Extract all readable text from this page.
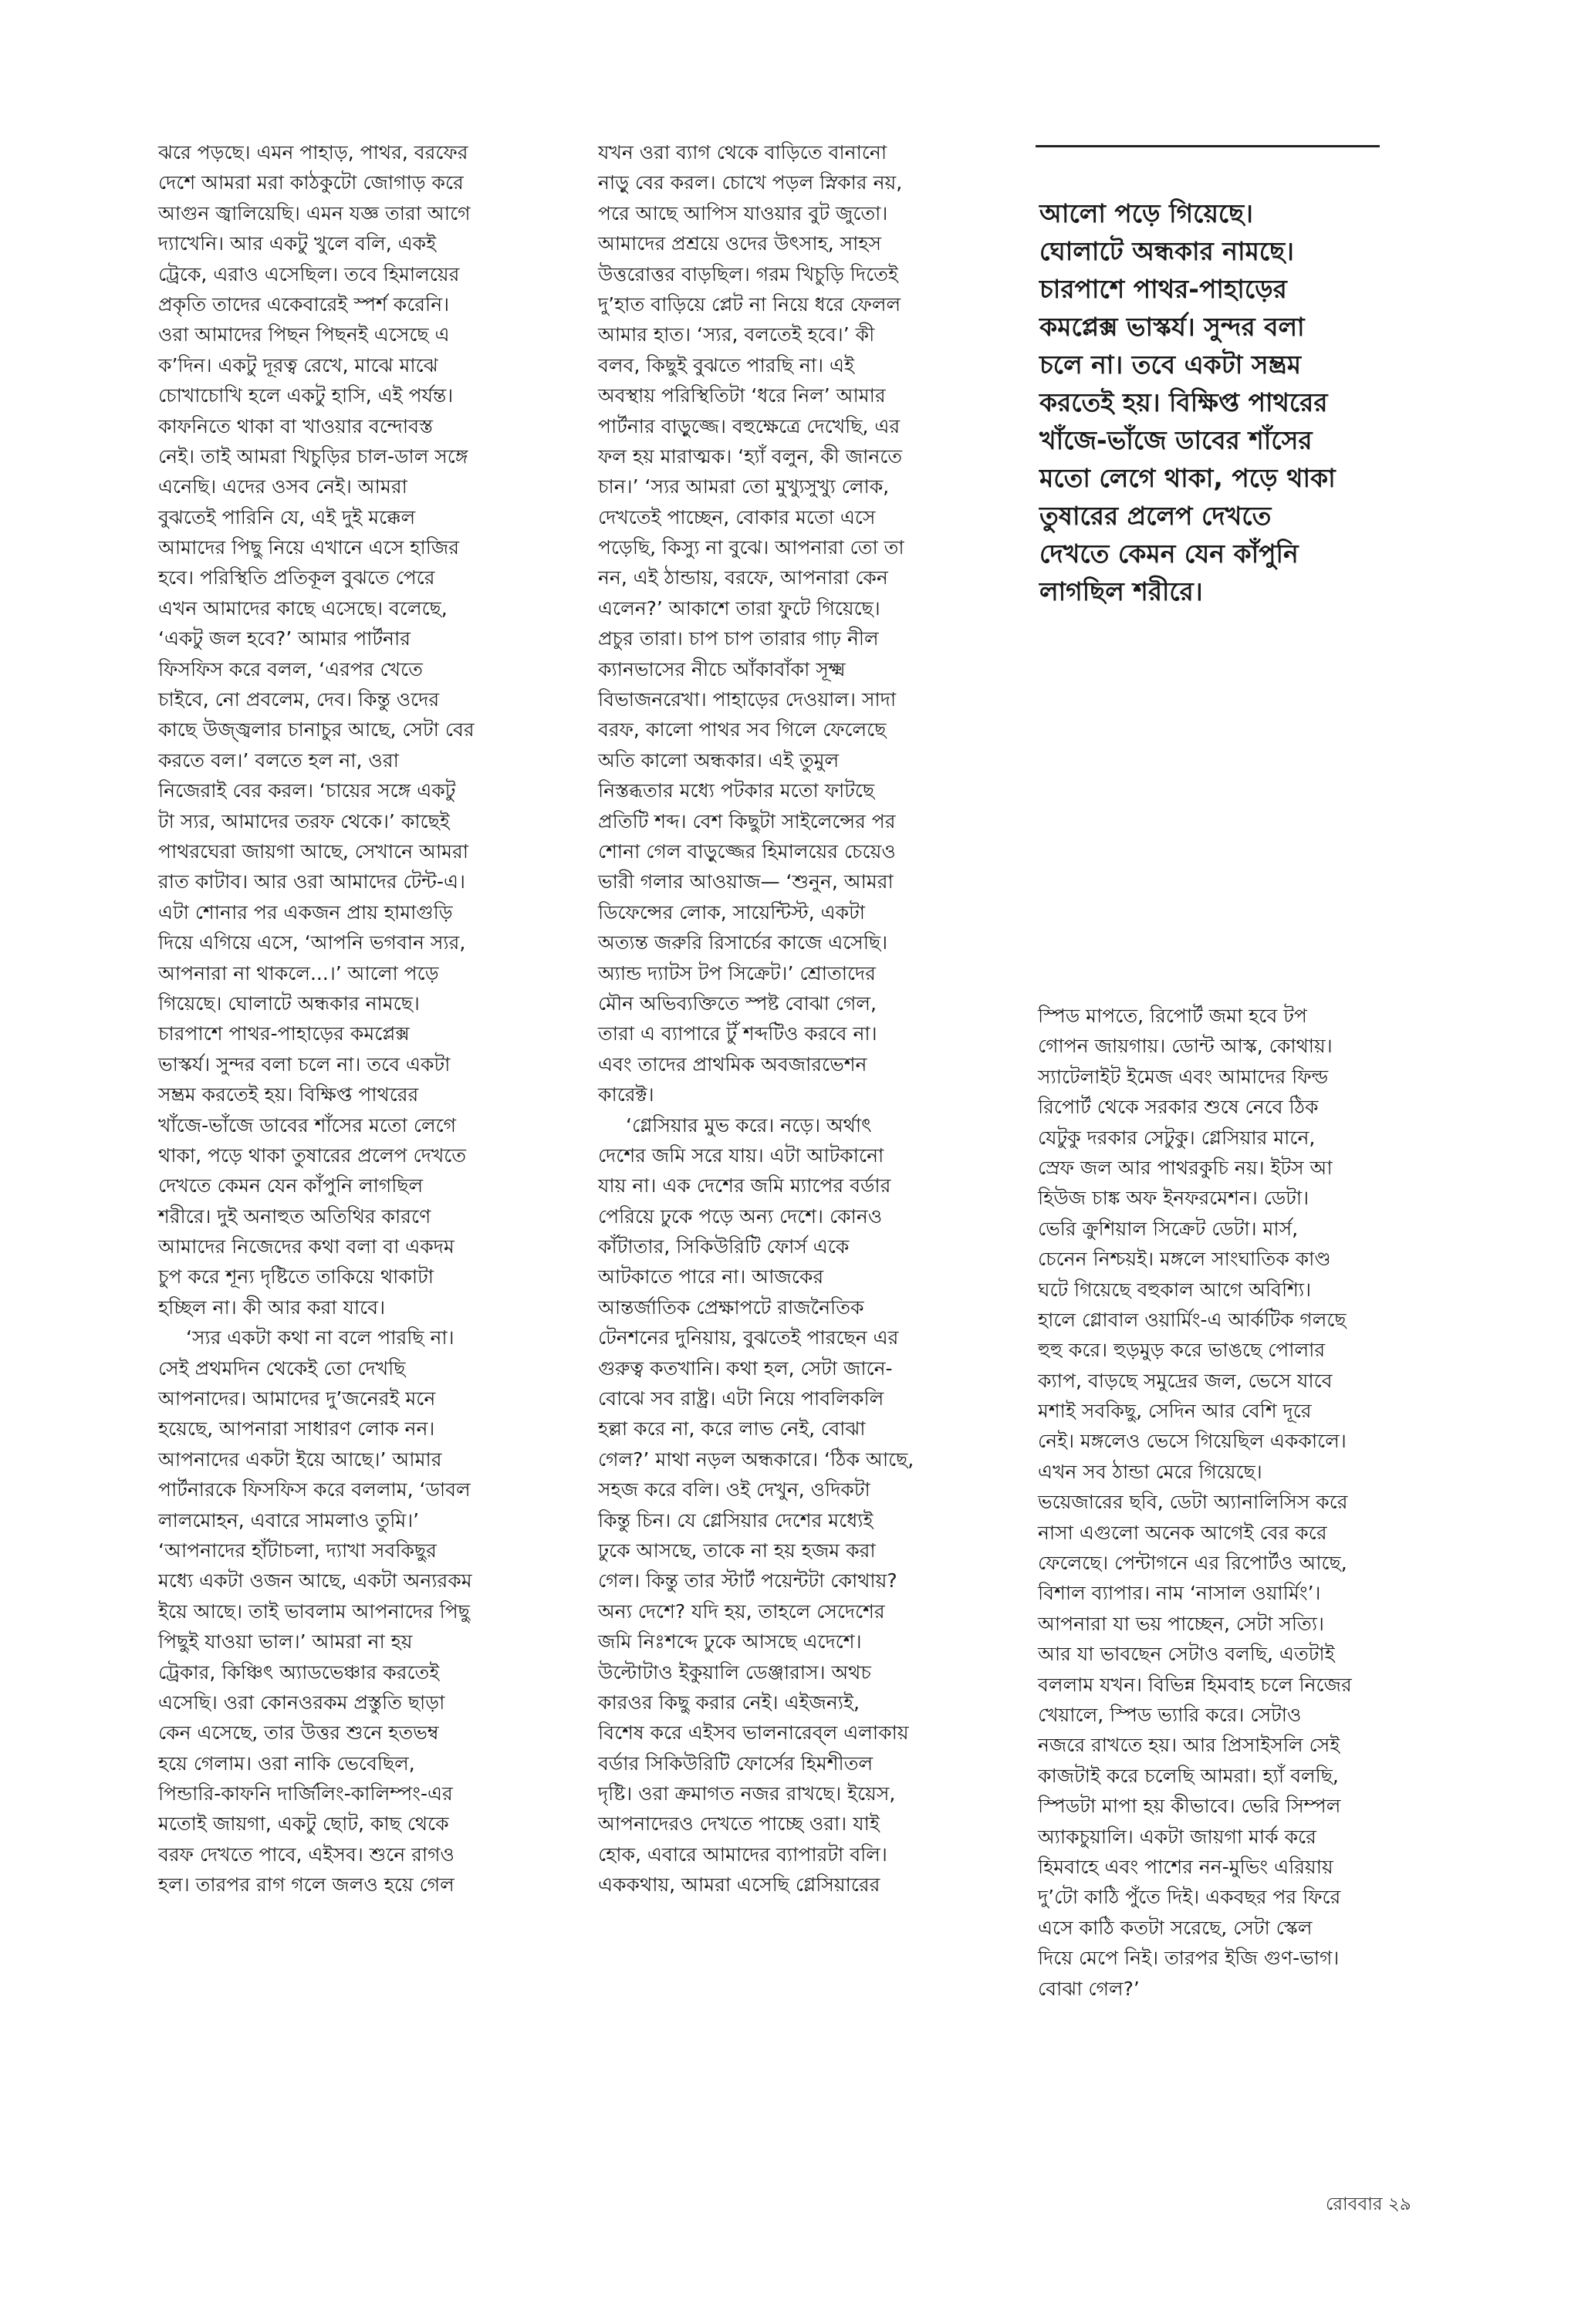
ঝরে পড়ছে। এমন পাহাড়, পাথর, বরফের
দেশে আমরা মরা কাঠকুটো জোগাড় করে
আগুন জ্বালিয়েছি। এমন যজ্ঞ তারা আগে
দ্যাখেনি। আর একটু খুলে বলি, একই
ট্রেকে, এরাও এসেছিল। তবে হিমালয়ের
প্রকৃতি তাদের একেবারেই স্পর্শ করেনি।
ওরা আমাদের পিছন পিছনই এসেছে এ
ক’দিন। একটু দূরত্ব রেখে, মাঝে মাঝে
চোখাচোখি হলে একটু হাসি, এই পর্যন্ত।
কাফনিতে থাকা বা খাওয়ার বন্দোবস্ত
নেই। তাই আমরা খিচুড়ির চাল-ডাল সঙ্গে
এনেছি। এদের ওসব নেই। আমরা
বুঝতেই পারিনি যে, এই দুই মক্কেল
আমাদের পিছু নিয়ে এখানে এসে হাজির
হবে। পরিস্থিতি প্রতিকূল বুঝতে পেরে
এখন আমাদের কাছে এসেছে। বলেছে,
‘একটু জল হবে?’ আমার পার্টনার
ফিসফিস করে বলল, ‘এরপর খেতে
চাইবে, নো প্রবলেম, দেব। কিন্তু ওদের
কাছে উজ্জ্বলার চানাচুর আছে, সেটা বের
করতে বল।’ বলতে হল না, ওরা
নিজেরাই বের করল। ‘চায়ের সঙ্গে একটু
টা স্যর, আমাদের তরফ থেকে।’ কাছেই
পাথরঘেরা জায়গা আছে, সেখানে আমরা
রাত কাটাব। আর ওরা আমাদের টেন্ট-এ।
এটা শোনার পর একজন প্রায় হামাগুড়ি
দিয়ে এগিয়ে এসে, ‘আপনি ভগবান স্যর,
আপনারা না থাকলে...।’ আলো পড়ে
গিয়েছে। ঘোলাটে অন্ধকার নামছে।
চারপাশে পাথর-পাহাড়ের কমপ্লেক্স
ভাস্কর্য। সুন্দর বলা চলে না। তবে একটা
সম্ভ্রম করতেই হয়। বিক্ষিপ্ত পাথরের
খাঁজে-ভাঁজে ডাবের শাঁসের মতো লেগে
থাকা, পড়ে থাকা তুষারের প্রলেপ দেখতে
দেখতে কেমন যেন কাঁপুনি লাগছিল
শরীরে। দুই অনাহুত অতিথির কারণে
আমাদের নিজেদের কথা বলা বা একদম
চুপ করে শূন্য দৃষ্টিতে তাকিয়ে থাকাটা
হচ্ছিল না। কী আর করা যাবে।
‘স্যর একটা কথা না বলে পারছি না।
সেই প্রথমদিন থেকেই তো দেখছি
আপনাদের। আমাদের দু’জনেরই মনে
হয়েছে, আপনারা সাধারণ লোক নন।
আপনাদের একটা ইয়ে আছে।’ আমার
পার্টনারকে ফিসফিস করে বললাম, ‘ডাবল
লালমোহন, এবারে সামলাও তুমি।’
‘আপনাদের হাঁটাচলা, দ্যাখা সবকিছুর
মধ্যে একটা ওজন আছে, একটা অন্যরকম
ইয়ে আছে। তাই ভাবলাম আপনাদের পিছু
পিছুই যাওয়া ভাল।’ আমরা না হয়
ট্রেকার, কিঞ্চিৎ অ্যাডভেঞ্চার করতেই
এসেছি। ওরা কোনওরকম প্রস্তুতি ছাড়া
কেন এসেছে, তার উত্তর শুনে হতভম্ব
হয়ে গেলাম। ওরা নাকি ভেবেছিল,
পিন্ডারি-কাফনি দার্জিলিং-কালিম্পং-এর
মতোই জায়গা, একটু ছোট, কাছ থেকে
বরফ দেখতে পাবে, এইসব। শুনে রাগও
হল। তারপর রাগ গলে জলও হয়ে গেল
যখন ওরা ব্যাগ থেকে বাড়িতে বানানো
নাড়ু বের করল। চোখে পড়ল স্নিকার নয়,
পরে আছে আপিস যাওয়ার বুট জুতো।
আমাদের প্রশ্রয়ে ওদের উৎসাহ, সাহস
উত্তরোত্তর বাড়ছিল। গরম খিচুড়ি দিতেই
দু’হাত বাড়িয়ে প্লেট না নিয়ে ধরে ফেলল
আমার হাত। ‘স্যর, বলতেই হবে।’ কী
বলব, কিছুই বুঝতে পারছি না। এই
অবস্থায় পরিস্থিতিটা ‘ধরে নিল’ আমার
পার্টনার বাড়ুজ্জে। বহুক্ষেত্রে দেখেছি, এর
ফল হয় মারাত্মক। ‘হ্যাঁ বলুন, কী জানতে
চান।’ ‘স্যর আমরা তো মুখ্যুসুখ্যু লোক,
দেখতেই পাচ্ছেন, বোকার মতো এসে
পড়েছি, কিস্যু না বুঝে। আপনারা তো তা
নন, এই ঠান্ডায়, বরফে, আপনারা কেন
এলেন?’ আকাশে তারা ফুটে গিয়েছে।
প্রচুর তারা। চাপ চাপ তারার গাঢ় নীল
ক্যানভাসের নীচে আঁকাবাঁকা সূক্ষ্ম
বিভাজনরেখা। পাহাড়ের দেওয়াল। সাদা
বরফ, কালো পাথর সব গিলে ফেলেছে
অতি কালো অন্ধকার। এই তুমুল
নিস্তব্ধতার মধ্যে পটকার মতো ফাটছে
প্রতিটি শব্দ। বেশ কিছুটা সাইলেন্সের পর
শোনা গেল বাড়ুজ্জের হিমালয়ের চেয়েও
ভারী গলার আওয়াজ— ‘শুনুন, আমরা
ডিফেন্সের লোক, সায়েন্টিস্ট, একটা
অত্যন্ত জরুরি রিসার্চের কাজে এসেছি।
অ্যান্ড দ্যাটস টপ সিক্রেট।’ শ্রোতাদের
মৌন অভিব্যক্তিতে স্পষ্ট বোঝা গেল,
তারা এ ব্যাপারে টুঁ শব্দটিও করবে না।
এবং তাদের প্রাথমিক অবজারভেশন
কারেক্ট।
‘গ্লেসিয়ার মুভ করে। নড়ে। অর্থাৎ
দেশের জমি সরে যায়। এটা আটকানো
যায় না। এক দেশের জমি ম্যাপের বর্ডার
পেরিয়ে ঢুকে পড়ে অন্য দেশে। কোনও
কাঁটাতার, সিকিউরিটি ফোর্স একে
আটকাতে পারে না। আজকের
আন্তর্জাতিক প্রেক্ষাপটে রাজনৈতিক
টেনশনের দুনিয়ায়, বুঝতেই পারছেন এর
গুরুত্ব কতখানি। কথা হল, সেটা জানে-
বোঝে সব রাষ্ট্র। এটা নিয়ে পাবলিকলি
হল্লা করে না, করে লাভ নেই, বোঝা
গেল?’ মাথা নড়ল অন্ধকারে। ‘ঠিক আছে,
সহজ করে বলি। ওই দেখুন, ওদিকটা
কিন্তু চিন। যে গ্লেসিয়ার দেশের মধ্যেই
ঢুকে আসছে, তাকে না হয় হজম করা
গেল। কিন্তু তার স্টার্ট পয়েন্টটা কোথায়?
অন্য দেশে? যদি হয়, তাহলে সেদেশের
জমি নিঃশব্দে ঢুকে আসছে এদেশে।
উল্টোটাও ইকুয়ালি ডেঞ্জারাস। অথচ
কারওর কিছু করার নেই। এইজন্যই,
বিশেষ করে এইসব ভালনারেব্‌ল এলাকায়
বর্ডার সিকিউরিটি ফোর্সের হিমশীতল
দৃষ্টি। ওরা ক্রমাগত নজর রাখছে। ইয়েস,
আপনাদেরও দেখতে পাচ্ছে ওরা। যাই
হোক, এবারে আমাদের ব্যাপারটা বলি।
এককথায়, আমরা এসেছি গ্লেসিয়ারের
আলো পড়ে গিয়েছে।
ঘোলাটে অন্ধকার নামছে।
চারপাশে পাথর-পাহাড়ের
কমপ্লেক্স ভাস্কর্য। সুন্দর বলা
চলে না। তবে একটা সম্ভ্রম
করতেই হয়। বিক্ষিপ্ত পাথরের
খাঁজে-ভাঁজে ডাবের শাঁসের
মতো লেগে থাকা, পড়ে থাকা
তুষারের প্রলেপ দেখতে
দেখতে কেমন যেন কাঁপুনি
লাগছিল শরীরে।
স্পিড মাপতে, রিপোর্ট জমা হবে টপ
গোপন জায়গায়। ডোন্ট আস্ক, কোথায়।
স্যাটেলাইট ইমেজ এবং আমাদের ফিল্ড
রিপোর্ট থেকে সরকার শুষে নেবে ঠিক
যেটুকু দরকার সেটুকু। গ্লেসিয়ার মানে,
স্রেফ জল আর পাথরকুচি নয়। ইটস আ
হিউজ চাঙ্ক অফ ইনফরমেশন। ডেটা।
ভেরি ক্রুশিয়াল সিক্রেট ডেটা। মার্স,
চেনেন নিশ্চয়ই। মঙ্গলে সাংঘাতিক কাণ্ড
ঘটে গিয়েছে বহুকাল আগে অবিশ্যি।
হালে গ্লোবাল ওয়ার্মিং-এ আর্কটিক গলছে
হুহু করে। হুড়মুড় করে ভাঙছে পোলার
ক্যাপ, বাড়ছে সমুদ্রের জল, ভেসে যাবে
মশাই সবকিছু, সেদিন আর বেশি দূরে
নেই। মঙ্গলেও ভেসে গিয়েছিল এককালে।
এখন সব ঠান্ডা মেরে গিয়েছে।
ভয়েজারের ছবি, ডেটা অ্যানালিসিস করে
নাসা এগুলো অনেক আগেই বের করে
ফেলেছে। পেন্টাগনে এর রিপোর্টও আছে,
বিশাল ব্যাপার। নাম ‘নাসাল ওয়ার্মিং’।
আপনারা যা ভয় পাচ্ছেন, সেটা সত্যি।
আর যা ভাবছেন সেটাও বলছি, এতটাই
বললাম যখন। বিভিন্ন হিমবাহ চলে নিজের
খেয়ালে, স্পিড ভ্যারি করে। সেটাও
নজরে রাখতে হয়। আর প্রিসাইসলি সেই
কাজটাই করে চলেছি আমরা। হ্যাঁ বলছি,
স্পিডটা মাপা হয় কীভাবে। ভেরি সিম্পল
অ্যাকচুয়ালি। একটা জায়গা মার্ক করে
হিমবাহে এবং পাশের নন-মুভিং এরিয়ায়
দু’টো কাঠি পুঁতে দিই। একবছর পর ফিরে
এসে কাঠি কতটা সরেছে, সেটা স্কেল
দিয়ে মেপে নিই। তারপর ইজি গুণ-ভাগ।
বোঝা গেল?’
রোববার ২৯
